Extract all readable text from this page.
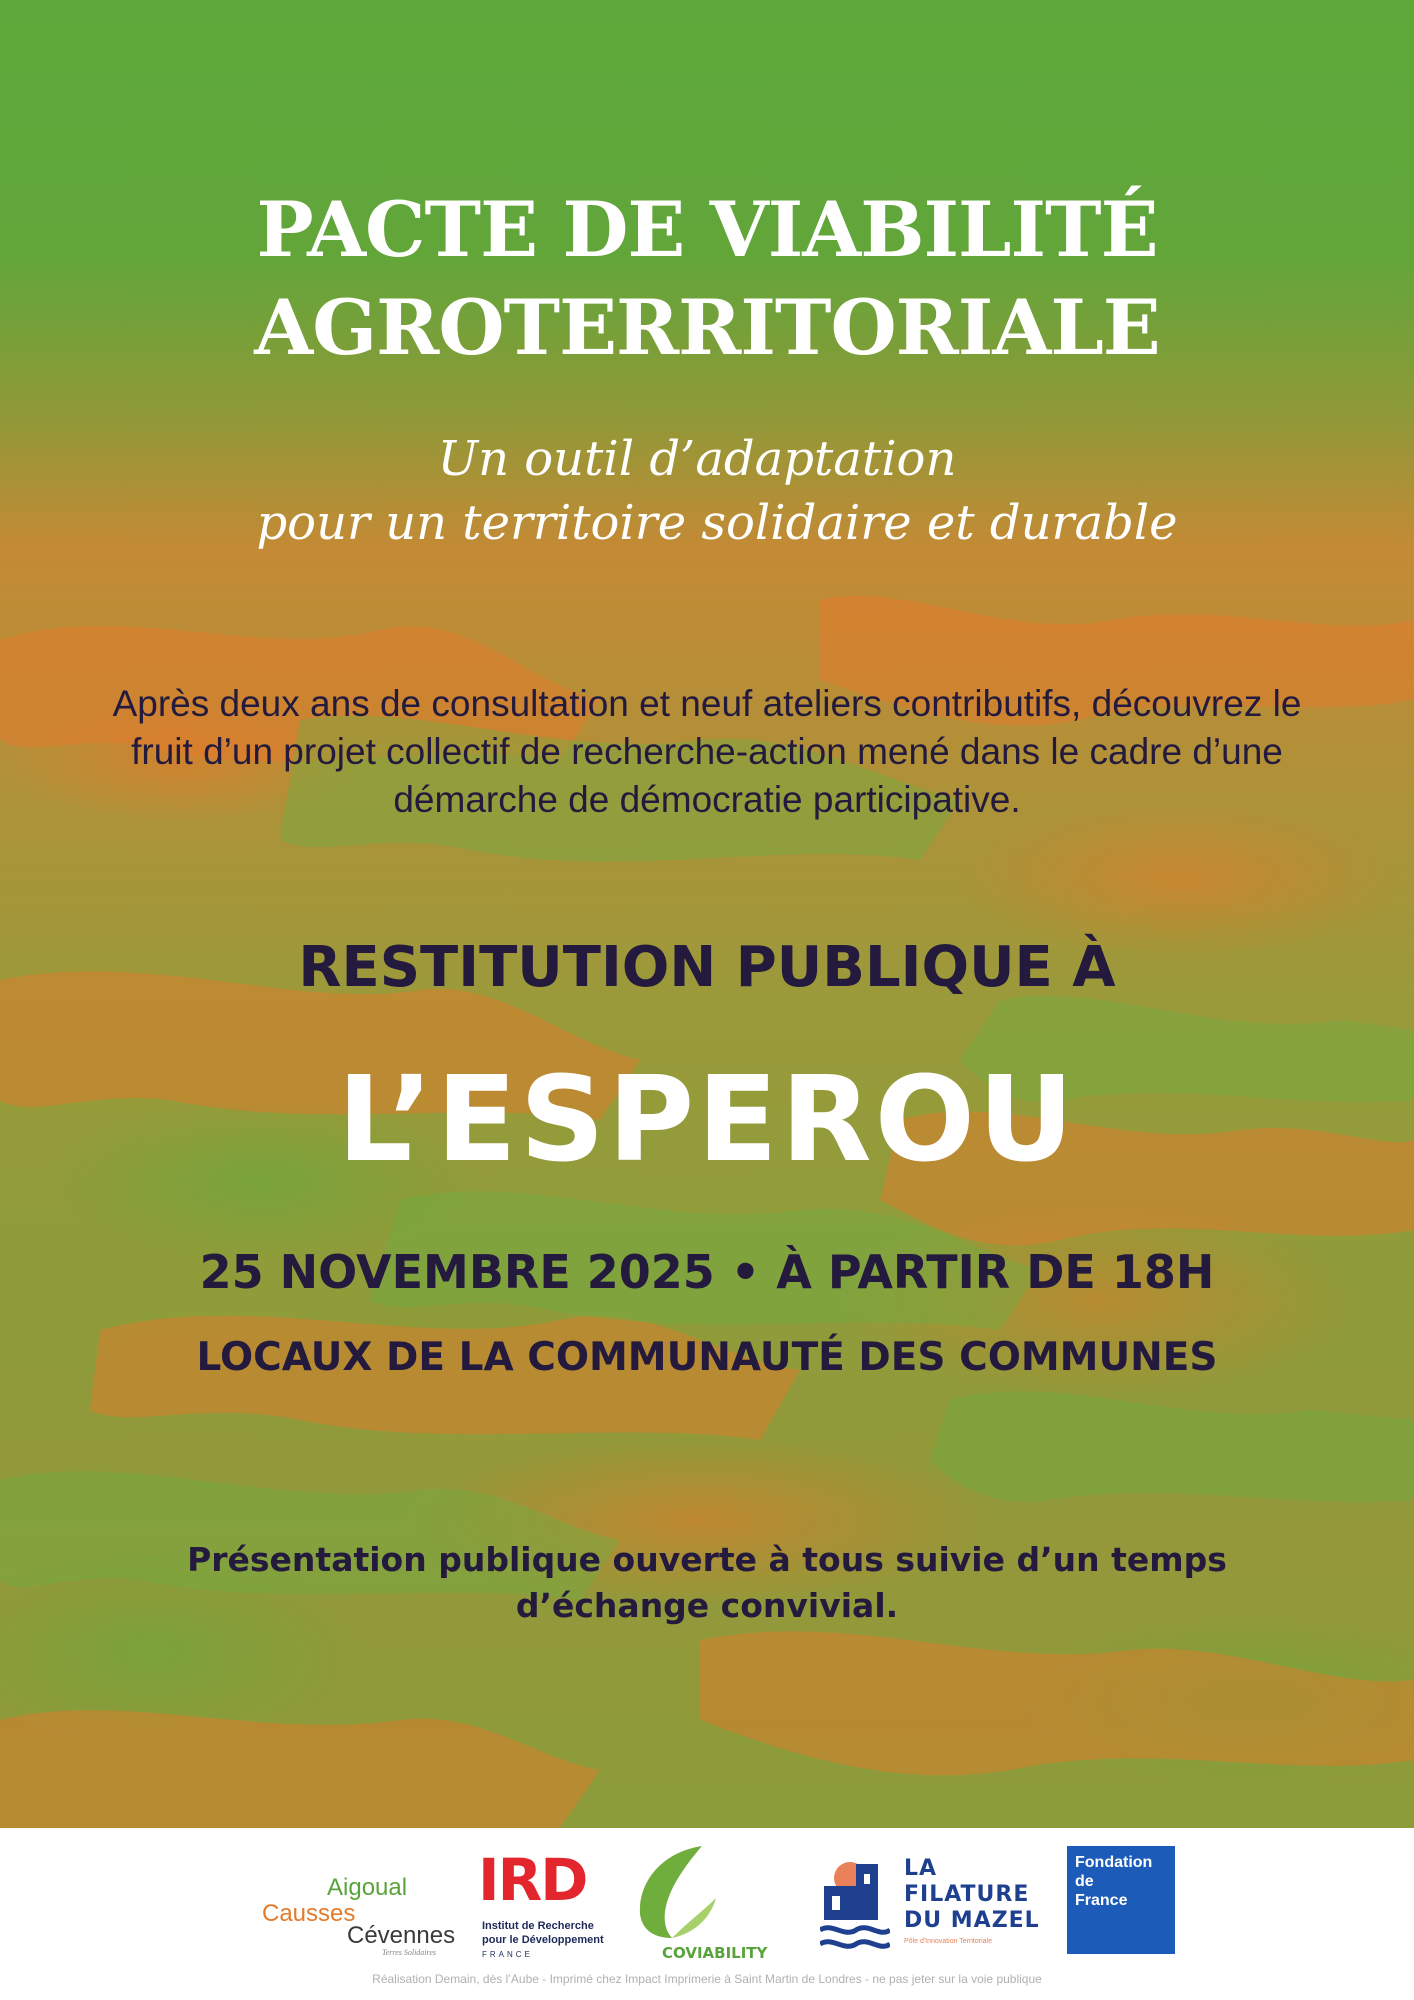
PACTE DE VIABILITÉ
AGROTERRITORIALE
Un outil d’adaptation
pour un territoire solidaire et durable
Après deux ans de consultation et neuf ateliers contributifs, découvrez le fruit d’un projet collectif de recherche-action mené dans le cadre d’une démarche de démocratie participative.
RESTITUTION PUBLIQUE À
L’ESPEROU
25 NOVEMBRE 2025 • À PARTIR DE 18H
LOCAUX DE LA COMMUNAUTÉ DES COMMUNES
Présentation publique ouverte à tous suivie d’un temps d’échange convivial.
Aigoual
Causses
Cévennes
Terres Solidaires
IRD
Institut de Recherche
pour le Développement
FRANCE	COVIABILITY
LA
FILATURE
DU MAZEL
Pôle d'Innovation Territoriale
Fondation
de
France
Réalisation Demain, dès l’Aube - Imprimé chez Impact Imprimerie à Saint Martin de Londres - ne pas jeter sur la voie publique
